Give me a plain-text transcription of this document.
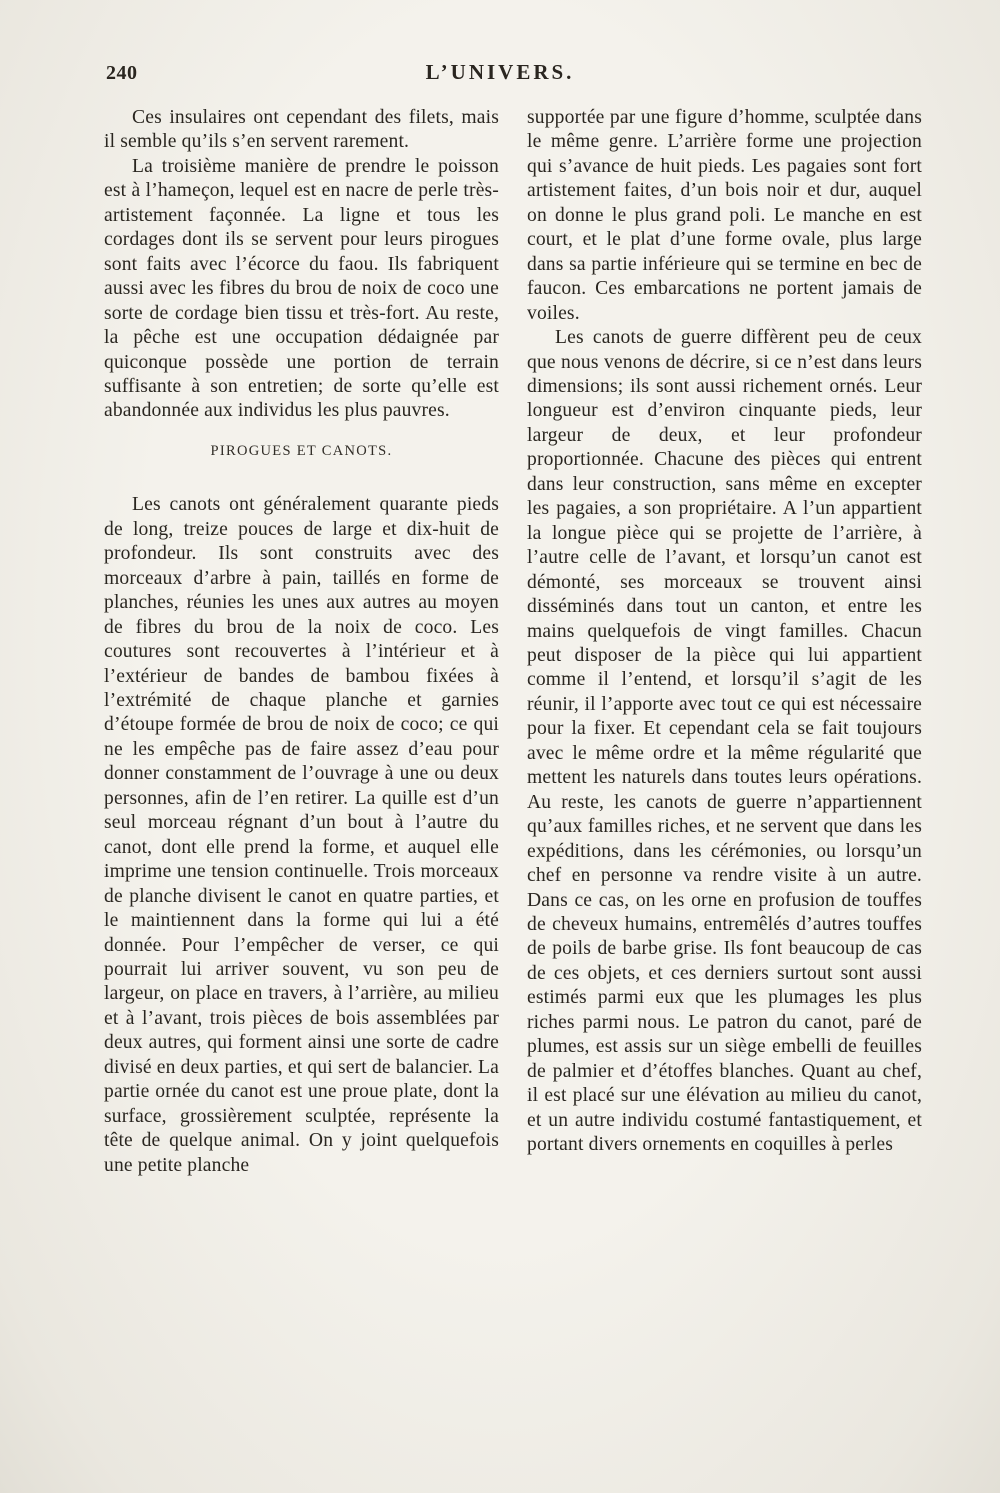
240	L’UNIVERS.

Ces insulaires ont cependant des filets, mais il semble qu’ils s’en servent rarement.

La troisième manière de prendre le poisson est à l’hameçon, lequel est en nacre de perle très-artistement façonnée. La ligne et tous les cordages dont ils se servent pour leurs pirogues sont faits avec l’écorce du faou. Ils fabriquent aussi avec les fibres du brou de noix de coco une sorte de cordage bien tissu et très-fort. Au reste, la pêche est une occupation dédaignée par quiconque possède une portion de terrain suffisante à son entretien; de sorte qu’elle est abandonnée aux individus les plus pauvres.

PIROGUES ET CANOTS.

Les canots ont généralement quarante pieds de long, treize pouces de large et dix-huit de profondeur. Ils sont construits avec des morceaux d’arbre à pain, taillés en forme de planches, réunies les unes aux autres au moyen de fibres du brou de la noix de coco. Les coutures sont recouvertes à l’intérieur et à l’extérieur de bandes de bambou fixées à l’extrémité de chaque planche et garnies d’étoupe formée de brou de noix de coco; ce qui ne les empêche pas de faire assez d’eau pour donner constamment de l’ouvrage à une ou deux personnes, afin de l’en retirer. La quille est d’un seul morceau régnant d’un bout à l’autre du canot, dont elle prend la forme, et auquel elle imprime une tension continuelle. Trois morceaux de planche divisent le canot en quatre parties, et le maintiennent dans la forme qui lui a été donnée. Pour l’empêcher de verser, ce qui pourrait lui arriver souvent, vu son peu de largeur, on place en travers, à l’arrière, au milieu et à l’avant, trois pièces de bois assemblées par deux autres, qui forment ainsi une sorte de cadre divisé en deux parties, et qui sert de balancier. La partie ornée du canot est une proue plate, dont la surface, grossièrement sculptée, représente la tête de quelque animal. On y joint quelquefois une petite planche

supportée par une figure d’homme, sculptée dans le même genre. L’arrière forme une projection qui s’avance de huit pieds. Les pagaies sont fort artistement faites, d’un bois noir et dur, auquel on donne le plus grand poli. Le manche en est court, et le plat d’une forme ovale, plus large dans sa partie inférieure qui se termine en bec de faucon. Ces embarcations ne portent jamais de voiles.

Les canots de guerre diffèrent peu de ceux que nous venons de décrire, si ce n’est dans leurs dimensions; ils sont aussi richement ornés. Leur longueur est d’environ cinquante pieds, leur largeur de deux, et leur profondeur proportionnée. Chacune des pièces qui entrent dans leur construction, sans même en excepter les pagaies, a son propriétaire. A l’un appartient la longue pièce qui se projette de l’arrière, à l’autre celle de l’avant, et lorsqu’un canot est démonté, ses morceaux se trouvent ainsi disséminés dans tout un canton, et entre les mains quelquefois de vingt familles. Chacun peut disposer de la pièce qui lui appartient comme il l’entend, et lorsqu’il s’agit de les réunir, il l’apporte avec tout ce qui est nécessaire pour la fixer. Et cependant cela se fait toujours avec le même ordre et la même régularité que mettent les naturels dans toutes leurs opérations. Au reste, les canots de guerre n’appartiennent qu’aux familles riches, et ne servent que dans les expéditions, dans les cérémonies, ou lorsqu’un chef en personne va rendre visite à un autre. Dans ce cas, on les orne en profusion de touffes de cheveux humains, entremêlés d’autres touffes de poils de barbe grise. Ils font beaucoup de cas de ces objets, et ces derniers surtout sont aussi estimés parmi eux que les plumages les plus riches parmi nous. Le patron du canot, paré de plumes, est assis sur un siège embelli de feuilles de palmier et d’étoffes blanches. Quant au chef, il est placé sur une élévation au milieu du canot, et un autre individu costumé fantastiquement, et portant divers ornements en coquilles à perles
